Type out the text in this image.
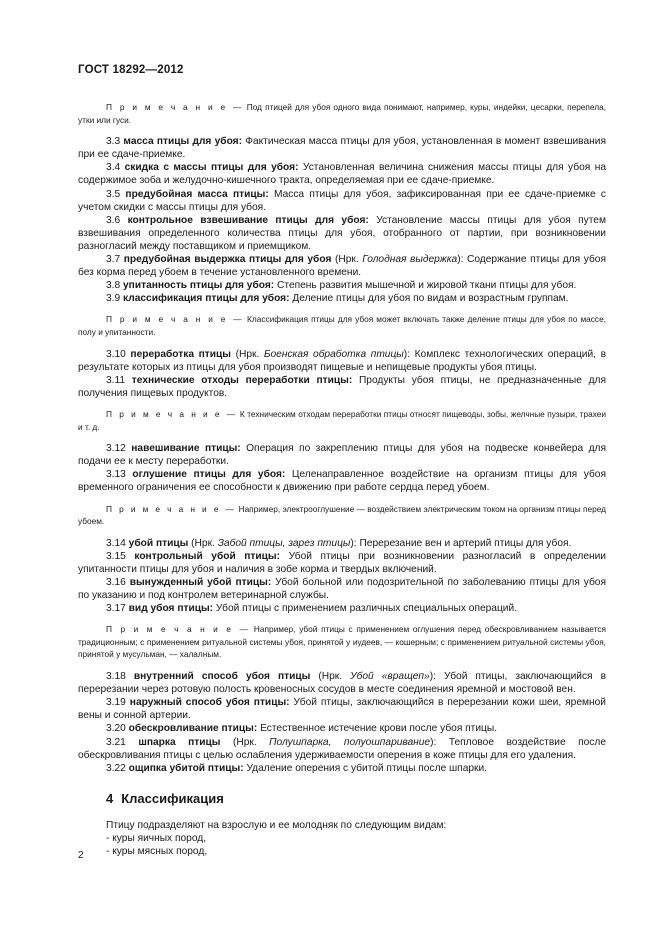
ГОСТ 18292—2012

П р и м е ч а н и е — Под птицей для убоя одного вида понимают, например, куры, индейки, цесарки, перепела, утки или гуси.

3.3 масса птицы для убоя: Фактическая масса птицы для убоя, установленная в момент взвешивания при ее сдаче-приемке.

3.4 скидка с массы птицы для убоя: Установленная величина снижения массы птицы для убоя на содержимое зоба и желудочно-кишечного тракта, определяемая при ее сдаче-приемке.

3.5 предубойная масса птицы: Масса птицы для убоя, зафиксированная при ее сдаче-приемке с учетом скидки с массы птицы для убоя.

3.6 контрольное взвешивание птицы для убоя: Установление массы птицы для убоя путем взвешивания определенного количества птицы для убоя, отобранного от партии, при возникновении разногласий между поставщиком и приемщиком.

3.7 предубойная выдержка птицы для убоя (Нрк. Голодная выдержка): Содержание птицы для убоя без корма перед убоем в течение установленного времени.

3.8 упитанность птицы для убоя: Степень развития мышечной и жировой ткани птицы для убоя.

3.9 классификация птицы для убоя: Деление птицы для убоя по видам и возрастным группам.

П р и м е ч а н и е — Классификация птицы для убоя может включать также деление птицы для убоя по массе, полу и упитанности.

3.10 переработка птицы (Нрк. Боенская обработка птицы): Комплекс технологических операций, в результате которых из птицы для убоя производят пищевые и непищевые продукты убоя птицы.

3.11 технические отходы переработки птицы: Продукты убоя птицы, не предназначенные для получения пищевых продуктов.

П р и м е ч а н и е — К техническим отходам переработки птицы относят пищеводы, зобы, желчные пузыри, трахеи и т. д.

3.12 навешивание птицы: Операция по закреплению птицы для убоя на подвеске конвейера для подачи ее к месту переработки.

3.13 оглушение птицы для убоя: Целенаправленное воздействие на организм птицы для убоя временного ограничения ее способности к движению при работе сердца перед убоем.

П р и м е ч а н и е — Например, электрооглушение — воздействием электрическим током на организм птицы перед убоем.

3.14 убой птицы (Нрк. Забой птицы, зарез птицы): Перерезание вен и артерий птицы для убоя.

3.15 контрольный убой птицы: Убой птицы при возникновении разногласий в определении упитанности птицы для убоя и наличия в зобе корма и твердых включений.

3.16 вынужденный убой птицы: Убой больной или подозрительной по заболеванию птицы для убоя по указанию и под контролем ветеринарной службы.

3.17 вид убоя птицы: Убой птицы с применением различных специальных операций.

П р и м е ч а н и е — Например, убой птицы с применением оглушения перед обескровливанием называется традиционным; с применением ритуальной системы убоя, принятой у иудеев, — кошерным; с применением ритуальной системы убоя, принятой у мусульман, — халалным.

3.18 внутренний способ убоя птицы (Нрк. Убой «вращеп»): Убой птицы, заключающийся в перерезании через ротовую полость кровеносных сосудов в месте соединения яремной и мостовой вен.

3.19 наружный способ убоя птицы: Убой птицы, заключающийся в перерезании кожи шеи, яремной вены и сонной артерии.

3.20 обескровливание птицы: Естественное истечение крови после убоя птицы.

3.21 шпарка птицы (Нрк. Полушпарка, полуошпаривание): Тепловое воздействие после обескровливания птицы с целью ослабления удерживаемости оперения в коже птицы для его удаления.

3.22 ощипка убитой птицы: Удаление оперения с убитой птицы после шпарки.

4 Классификация

Птицу подразделяют на взрослую и ее молодняк по следующим видам:

- куры яичных пород,

- куры мясных пород,

2
